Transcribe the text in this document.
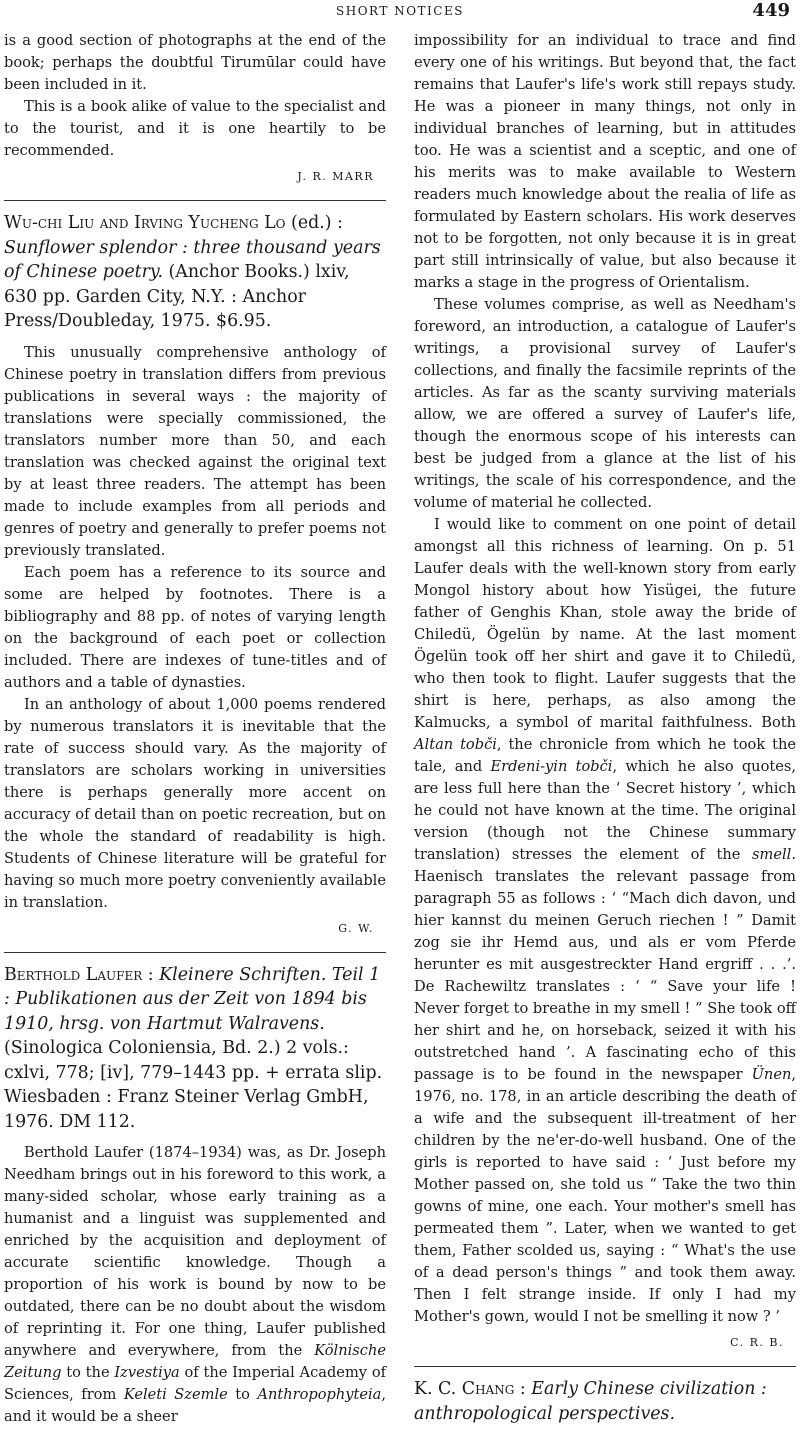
SHORT NOTICES	449

is a good section of photographs at the end of the book; perhaps the doubtful Tirumūlar could have been included in it.

This is a book alike of value to the specialist and to the tourist, and it is one heartily to be recommended.

J. R. MARR
Wu-chi Liu and Irving Yucheng Lo (ed.) : Sunflower splendor : three thousand years of Chinese poetry. (Anchor Books.) lxiv, 630 pp. Garden City, N.Y. : Anchor Press/Doubleday, 1975. $6.95.

This unusually comprehensive anthology of Chinese poetry in translation differs from previous publications in several ways : the majority of translations were specially commissioned, the translators number more than 50, and each translation was checked against the original text by at least three readers. The attempt has been made to include examples from all periods and genres of poetry and generally to prefer poems not previously translated.

Each poem has a reference to its source and some are helped by footnotes. There is a bibliography and 88 pp. of notes of varying length on the background of each poet or collection included. There are indexes of tune-titles and of authors and a table of dynasties.

In an anthology of about 1,000 poems rendered by numerous translators it is inevitable that the rate of success should vary. As the majority of translators are scholars working in universities there is perhaps generally more accent on accuracy of detail than on poetic recreation, but on the whole the standard of readability is high. Students of Chinese literature will be grateful for having so much more poetry conveniently available in translation.

G. W.
Berthold Laufer : Kleinere Schriften. Teil 1 : Publikationen aus der Zeit von 1894 bis 1910, hrsg. von Hartmut Walravens. (Sinologica Coloniensia, Bd. 2.) 2 vols.: cxlvi, 778; [iv], 779–1443 pp. + errata slip. Wiesbaden : Franz Steiner Verlag GmbH, 1976. DM 112.

Berthold Laufer (1874–1934) was, as Dr. Joseph Needham brings out in his foreword to this work, a many-sided scholar, whose early training as a humanist and a linguist was supplemented and enriched by the acquisition and deployment of accurate scientific knowledge. Though a proportion of his work is bound by now to be outdated, there can be no doubt about the wisdom of reprinting it. For one thing, Laufer published anywhere and everywhere, from the Kölnische Zeitung to the Izvestiya of the Imperial Academy of Sciences, from Keleti Szemle to Anthropophyteia, and it would be a sheer

impossibility for an individual to trace and find every one of his writings. But beyond that, the fact remains that Laufer's life's work still repays study. He was a pioneer in many things, not only in individual branches of learning, but in attitudes too. He was a scientist and a sceptic, and one of his merits was to make available to Western readers much knowledge about the realia of life as formulated by Eastern scholars. His work deserves not to be forgotten, not only because it is in great part still intrinsically of value, but also because it marks a stage in the progress of Orientalism.

These volumes comprise, as well as Needham's foreword, an introduction, a catalogue of Laufer's writings, a provisional survey of Laufer's collections, and finally the facsimile reprints of the articles. As far as the scanty surviving materials allow, we are offered a survey of Laufer's life, though the enormous scope of his interests can best be judged from a glance at the list of his writings, the scale of his correspondence, and the volume of material he collected.

I would like to comment on one point of detail amongst all this richness of learning. On p. 51 Laufer deals with the well-known story from early Mongol history about how Yisügei, the future father of Genghis Khan, stole away the bride of Chiledü, Ögelün by name. At the last moment Ögelün took off her shirt and gave it to Chiledü, who then took to flight. Laufer suggests that the shirt is here, perhaps, as also among the Kalmucks, a symbol of marital faithfulness. Both Altan tobči, the chronicle from which he took the tale, and Erdeni-yin tobči, which he also quotes, are less full here than the ‘ Secret history ’, which he could not have known at the time. The original version (though not the Chinese summary translation) stresses the element of the smell. Haenisch translates the relevant passage from paragraph 55 as follows : ‘ “Mach dich davon, und hier kannst du meinen Geruch riechen ! ” Damit zog sie ihr Hemd aus, und als er vom Pferde herunter es mit ausgestreckter Hand ergriff . . .’. De Rachewiltz translates : ‘ “ Save your life ! Never forget to breathe in my smell ! ” She took off her shirt and he, on horseback, seized it with his outstretched hand ’. A fascinating echo of this passage is to be found in the newspaper Ünen, 1976, no. 178, in an article describing the death of a wife and the subsequent ill-treatment of her children by the ne'er-do-well husband. One of the girls is reported to have said : ‘ Just before my Mother passed on, she told us “ Take the two thin gowns of mine, one each. Your mother's smell has permeated them ”. Later, when we wanted to get them, Father scolded us, saying : “ What's the use of a dead person's things ” and took them away. Then I felt strange inside. If only I had my Mother's gown, would I not be smelling it now ? ’

C. R. B.
K. C. Chang : Early Chinese civilization : anthropological perspectives.
